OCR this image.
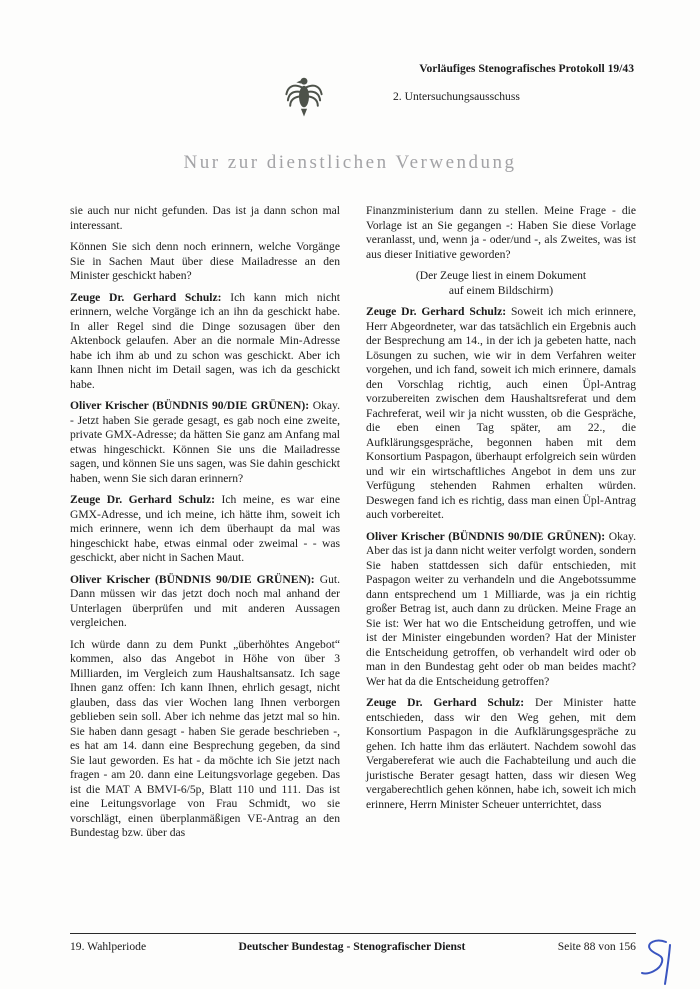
Vorläufiges Stenografisches Protokoll 19/43
2. Untersuchungsausschuss
Nur zur dienstlichen Verwendung

sie auch nur nicht gefunden. Das ist ja dann schon mal interessant.

Können Sie sich denn noch erinnern, welche Vorgänge Sie in Sachen Maut über diese Mailadresse an den Minister geschickt haben?

Zeuge Dr. Gerhard Schulz: Ich kann mich nicht erinnern, welche Vorgänge ich an ihn da geschickt habe. In aller Regel sind die Dinge sozusagen über den Aktenbock gelaufen. Aber an die normale Min-Adresse habe ich ihm ab und zu schon was geschickt. Aber ich kann Ihnen nicht im Detail sagen, was ich da geschickt habe.

Oliver Krischer (BÜNDNIS 90/DIE GRÜNEN): Okay. - Jetzt haben Sie gerade gesagt, es gab noch eine zweite, private GMX-Adresse; da hätten Sie ganz am Anfang mal etwas hingeschickt. Können Sie uns die Mailadresse sagen, und können Sie uns sagen, was Sie dahin geschickt haben, wenn Sie sich daran erinnern?

Zeuge Dr. Gerhard Schulz: Ich meine, es war eine GMX-Adresse, und ich meine, ich hätte ihm, soweit ich mich erinnere, wenn ich dem überhaupt da mal was hingeschickt habe, etwas einmal oder zweimal - - was geschickt, aber nicht in Sachen Maut.

Oliver Krischer (BÜNDNIS 90/DIE GRÜNEN): Gut. Dann müssen wir das jetzt doch noch mal anhand der Unterlagen überprüfen und mit anderen Aussagen vergleichen.

Ich würde dann zu dem Punkt „überhöhtes Angebot“ kommen, also das Angebot in Höhe von über 3 Milliarden, im Vergleich zum Haushaltsansatz. Ich sage Ihnen ganz offen: Ich kann Ihnen, ehrlich gesagt, nicht glauben, dass das vier Wochen lang Ihnen verborgen geblieben sein soll. Aber ich nehme das jetzt mal so hin. Sie haben dann gesagt - haben Sie gerade beschrieben -, es hat am 14. dann eine Besprechung gegeben, da sind Sie laut geworden. Es hat - da möchte ich Sie jetzt nach fragen - am 20. dann eine Leitungsvorlage gegeben. Das ist die MAT A BMVI-6/5p, Blatt 110 und 111. Das ist eine Leitungsvorlage von Frau Schmidt, wo sie vorschlägt, einen überplanmäßigen VE-Antrag an den Bundestag bzw. über das

Finanzministerium dann zu stellen. Meine Frage - die Vorlage ist an Sie gegangen -: Haben Sie diese Vorlage veranlasst, und, wenn ja - oder/und -, als Zweites, was ist aus dieser Initiative geworden?

(Der Zeuge liest in einem Dokument auf einem Bildschirm)

Zeuge Dr. Gerhard Schulz: Soweit ich mich erinnere, Herr Abgeordneter, war das tatsächlich ein Ergebnis auch der Besprechung am 14., in der ich ja gebeten hatte, nach Lösungen zu suchen, wie wir in dem Verfahren weiter vorgehen, und ich fand, soweit ich mich erinnere, damals den Vorschlag richtig, auch einen Üpl-Antrag vorzubereiten zwischen dem Haushaltsreferat und dem Fachreferat, weil wir ja nicht wussten, ob die Gespräche, die eben einen Tag später, am 22., die Aufklärungsgespräche, begonnen haben mit dem Konsortium Paspagon, überhaupt erfolgreich sein würden und wir ein wirtschaftliches Angebot in dem uns zur Verfügung stehenden Rahmen erhalten würden. Deswegen fand ich es richtig, dass man einen Üpl-Antrag auch vorbereitet.

Oliver Krischer (BÜNDNIS 90/DIE GRÜNEN): Okay. Aber das ist ja dann nicht weiter verfolgt worden, sondern Sie haben stattdessen sich dafür entschieden, mit Paspagon weiter zu verhandeln und die Angebotssumme dann entsprechend um 1 Milliarde, was ja ein richtig großer Betrag ist, auch dann zu drücken. Meine Frage an Sie ist: Wer hat wo die Entscheidung getroffen, und wie ist der Minister eingebunden worden? Hat der Minister die Entscheidung getroffen, ob verhandelt wird oder ob man in den Bundestag geht oder ob man beides macht? Wer hat da die Entscheidung getroffen?

Zeuge Dr. Gerhard Schulz: Der Minister hatte entschieden, dass wir den Weg gehen, mit dem Konsortium Paspagon in die Aufklärungsgespräche zu gehen. Ich hatte ihm das erläutert. Nachdem sowohl das Vergabereferat wie auch die Fachabteilung und auch die juristische Berater gesagt hatten, dass wir diesen Weg vergaberechtlich gehen können, habe ich, soweit ich mich erinnere, Herrn Minister Scheuer unterrichtet, dass

19. Wahlperiode	Deutscher Bundestag - Stenografischer Dienst	Seite 88 von 156
